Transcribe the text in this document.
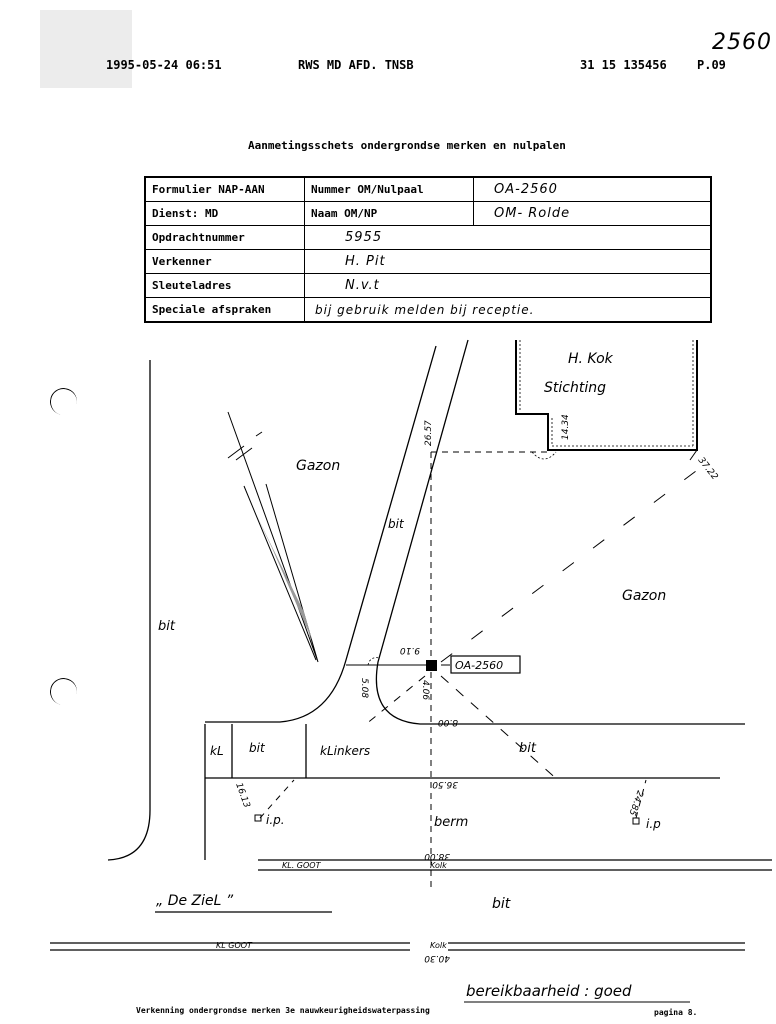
1995-05-24 06:51	RWS MD AFD. TNSB	31 15 135456	P.09
2560
Aanmetingsschets ondergrondse merken en nulpalen
Formulier NAP-AAN	Nummer OM/Nulpaal	OA-2560
Dienst: MD	Naam OM/NP	OM- Rolde
Opdrachtnummer	5955	
Verkenner	H. Pit	
Sleuteladres	N.v.t	
Speciale afspraken	bij gebruik melden bij receptie.	
H. Kok
Stichting
Gazon
Gazon
bit
bit
kL bit	kLinkers	bit
OA-2560
berm
i.p.	i.p
KL. GOOT	Kolk
„ De ZieL ”	bit
KL GOOT	Kolk
bereikbaarheid : goed
26.57	14.34
37.22
9.10
5.08	4.06
8.00
36.50
16.13	24.85
38.00
40.30
Verkenning ondergrondse merken 3e nauwkeurigheidswaterpassing	pagina 8.
